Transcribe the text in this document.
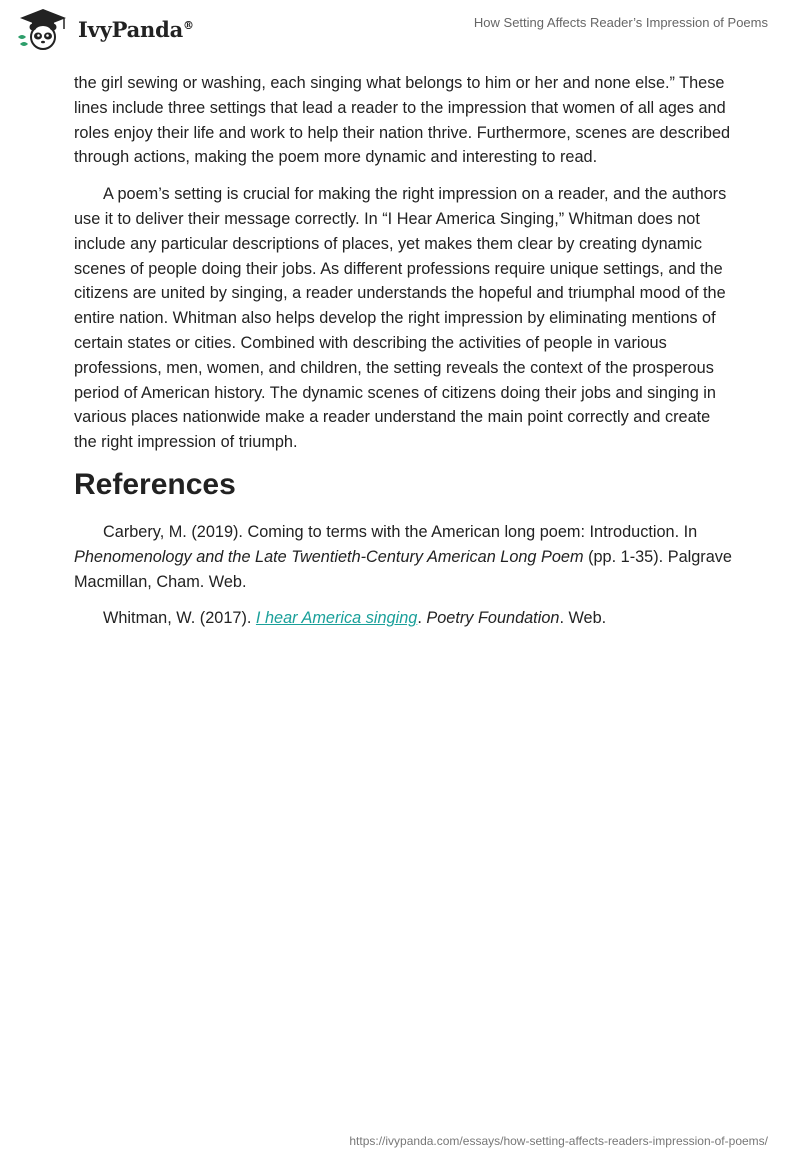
IvyPanda®	How Setting Affects Reader’s Impression of Poems

the girl sewing or washing, each singing what belongs to him or her and none else.” These lines include three settings that lead a reader to the impression that women of all ages and roles enjoy their life and work to help their nation thrive. Furthermore, scenes are described through actions, making the poem more dynamic and interesting to read.

A poem’s setting is crucial for making the right impression on a reader, and the authors use it to deliver their message correctly. In “I Hear America Singing,” Whitman does not include any particular descriptions of places, yet makes them clear by creating dynamic scenes of people doing their jobs. As different professions require unique settings, and the citizens are united by singing, a reader understands the hopeful and triumphal mood of the entire nation. Whitman also helps develop the right impression by eliminating mentions of certain states or cities. Combined with describing the activities of people in various professions, men, women, and children, the setting reveals the context of the prosperous period of American history. The dynamic scenes of citizens doing their jobs and singing in various places nationwide make a reader understand the main point correctly and create the right impression of triumph.

References

Carbery, M. (2019). Coming to terms with the American long poem: Introduction. In Phenomenology and the Late Twentieth-Century American Long Poem (pp. 1-35). Palgrave Macmillan, Cham. Web.

Whitman, W. (2017). I hear America singing. Poetry Foundation. Web.

https://ivypanda.com/essays/how-setting-affects-readers-impression-of-poems/
